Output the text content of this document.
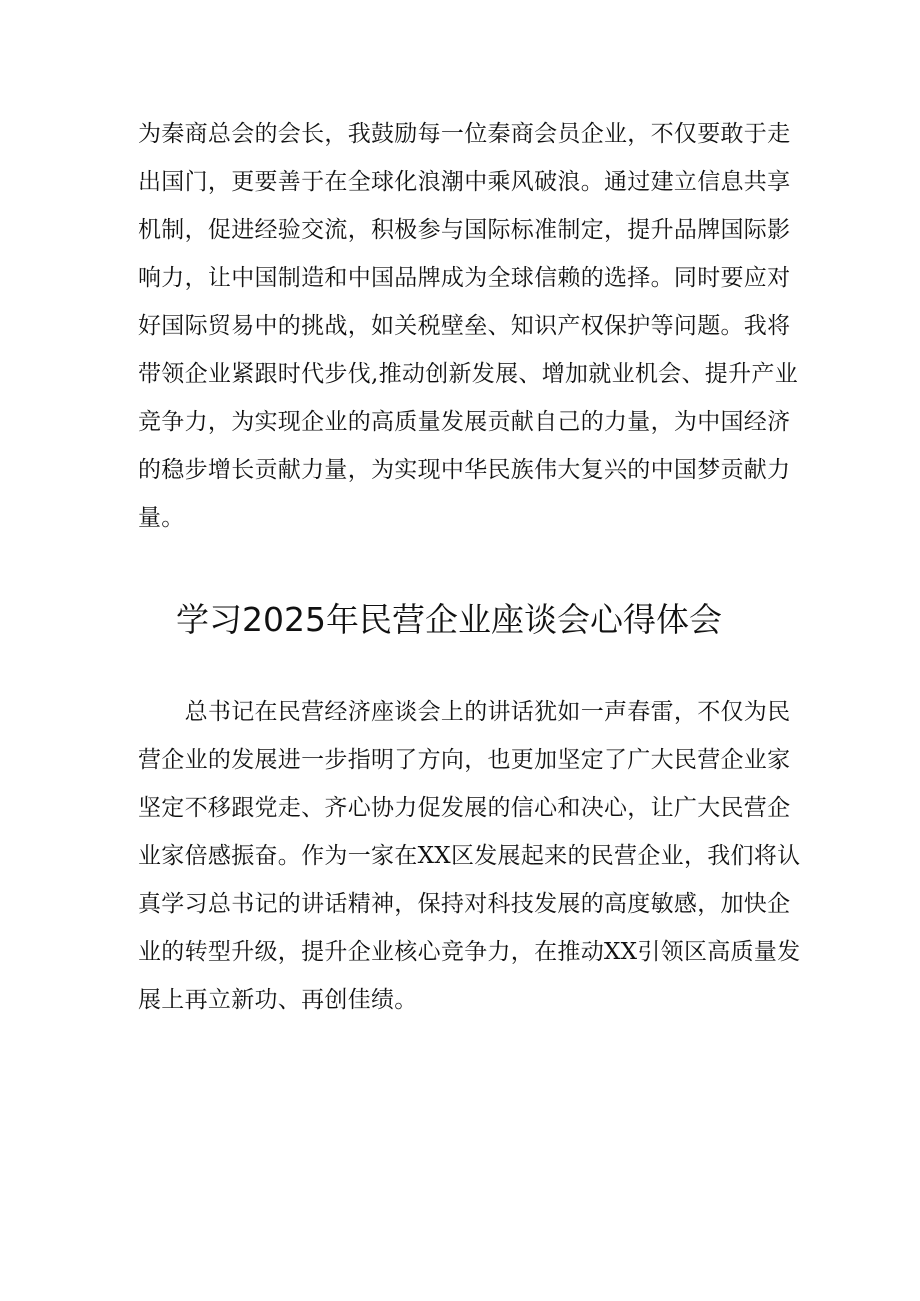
为秦商总会的会长，我鼓励每一位秦商会员企业，不仅要敢于走
出国门，更要善于在全球化浪潮中乘风破浪。通过建立信息共享
机制，促进经验交流，积极参与国际标准制定，提升品牌国际影
响力，让中国制造和中国品牌成为全球信赖的选择。同时要应对
好国际贸易中的挑战，如关税壁垒、知识产权保护等问题。我将
带领企业紧跟时代步伐,推动创新发展、增加就业机会、提升产业
竞争力，为实现企业的高质量发展贡献自己的力量，为中国经济
的稳步增长贡献力量，为实现中华民族伟大复兴的中国梦贡献力
量。
学习2025年民营企业座谈会心得体会
　　总书记在民营经济座谈会上的讲话犹如一声春雷，不仅为民
营企业的发展进一步指明了方向，也更加坚定了广大民营企业家
坚定不移跟党走、齐心协力促发展的信心和决心，让广大民营企
业家倍感振奋。作为一家在XX区发展起来的民营企业，我们将认
真学习总书记的讲话精神，保持对科技发展的高度敏感，加快企
业的转型升级，提升企业核心竞争力，在推动XX引领区高质量发
展上再立新功、再创佳绩。
